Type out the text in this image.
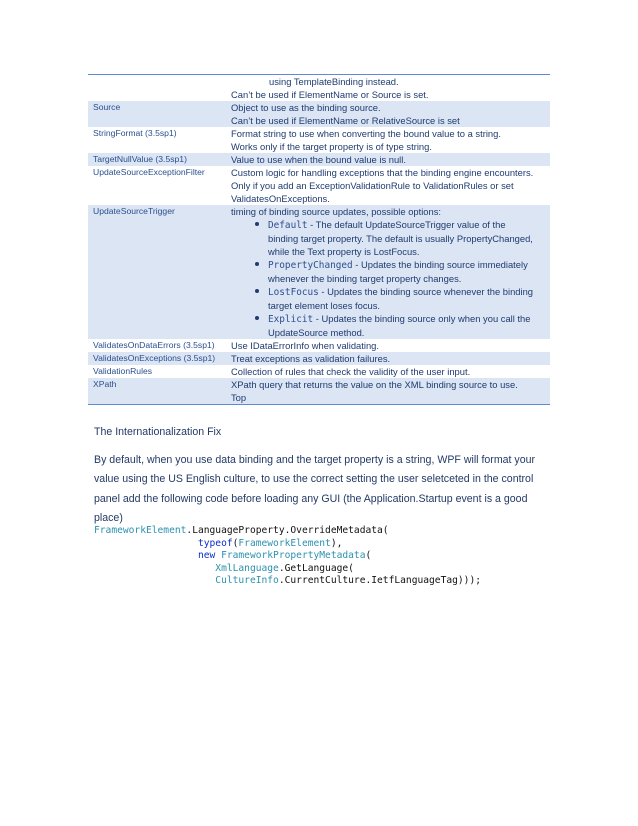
using TemplateBinding instead.
Can’t be used if ElementName or Source is set.
Source	Object to use as the binding source.
Can’t be used if ElementName or RelativeSource is set
StringFormat (3.5sp1)	Format string to use when converting the bound value to a string.
Works only if the target property is of type string.
TargetNullValue (3.5sp1)	Value to use when the bound value is null.
UpdateSourceExceptionFilter	Custom logic for handling exceptions that the binding engine encounters.
Only if you add an ExceptionValidationRule to ValidationRules or set
ValidatesOnExceptions.
UpdateSourceTrigger	timing of binding source updates, possible options:
Default - The default UpdateSourceTrigger value of the
binding target property. The default is usually PropertyChanged,
while the Text property is LostFocus.
PropertyChanged - Updates the binding source immediately
whenever the binding target property changes.
LostFocus - Updates the binding source whenever the binding
target element loses focus.
Explicit - Updates the binding source only when you call the
UpdateSource method.
ValidatesOnDataErrors (3.5sp1)	Use IDataErrorInfo when validating.
ValidatesOnExceptions (3.5sp1)	Treat exceptions as validation failures.
ValidationRules	Collection of rules that check the validity of the user input.
XPath	XPath query that returns the value on the XML binding source to use.
Top
The Internationalization Fix
By default, when you use data binding and the target property is a string, WPF will format your
value using the US English culture, to use the correct setting the user seletceted in the control
panel add the following code before loading any GUI (the Application.Startup event is a good
place)
FrameworkElement.LanguageProperty.OverrideMetadata(
typeof(FrameworkElement),
new FrameworkPropertyMetadata(
XmlLanguage.GetLanguage(
CultureInfo.CurrentCulture.IetfLanguageTag)));
